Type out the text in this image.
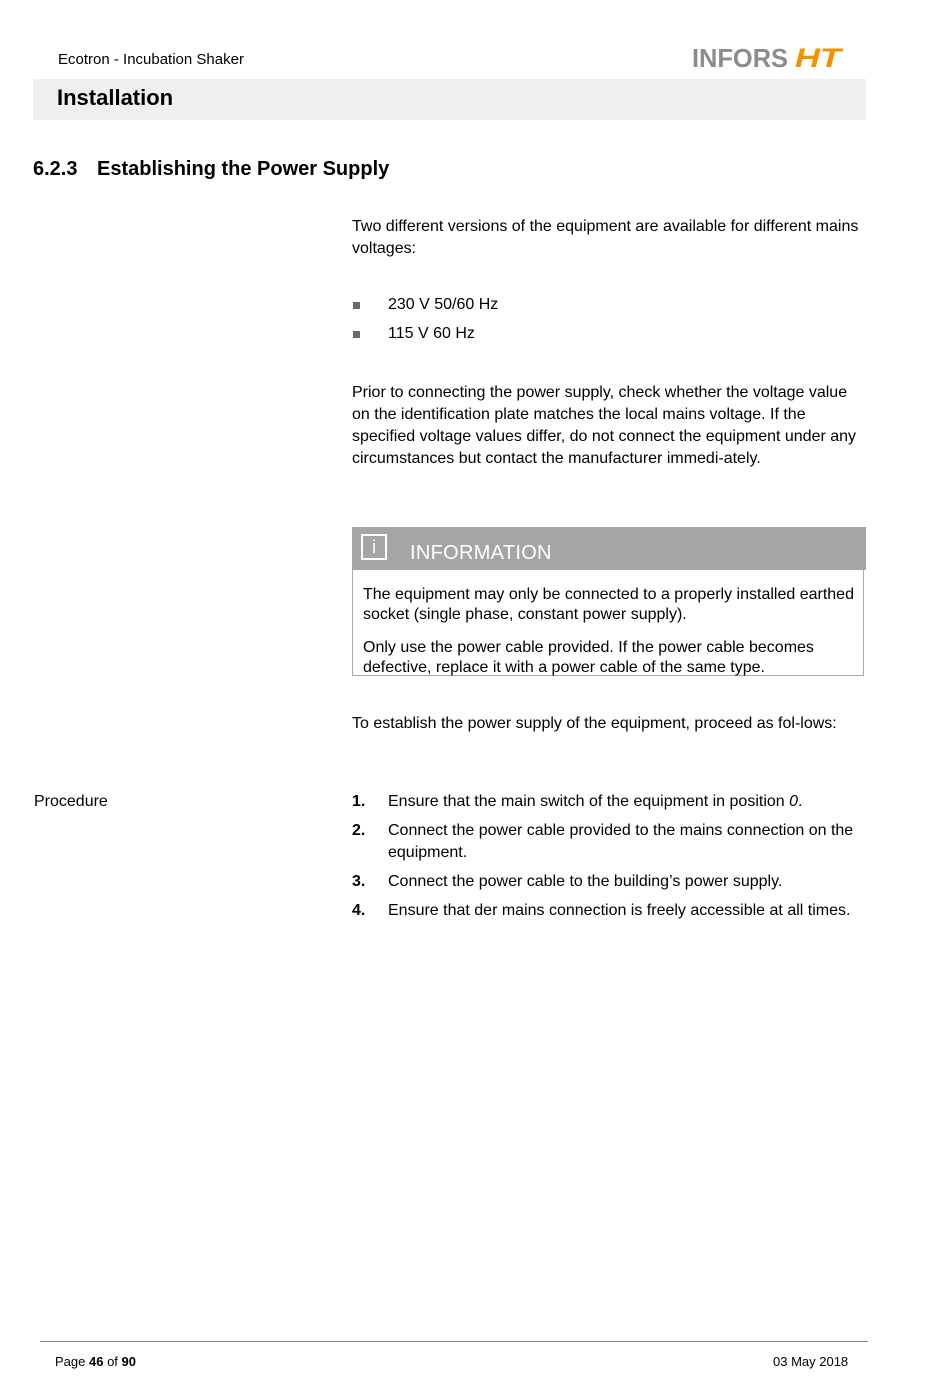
Ecotron - Incubation Shaker	INFORS HT
Installation
6.2.3 Establishing the Power Supply

Two different versions of the equipment are available for different mains voltages:

230 V 50/60 Hz
115 V 60 Hz

Prior to connecting the power supply, check whether the voltage value on the identification plate matches the local mains voltage. If the specified voltage values differ, do not connect the equipment under any circumstances but contact the manufacturer immedi-ately.

i	INFORMATION

The equipment may only be connected to a properly installed earthed socket (single phase, constant power supply).

Only use the power cable provided. If the power cable becomes defective, replace it with a power cable of the same type.

To establish the power supply of the equipment, proceed as fol-lows:

Procedure	1. Ensure that the main switch of the equipment in position 0.
2. Connect the power cable provided to the mains connection on the equipment.
3. Connect the power cable to the building’s power supply.
4. Ensure that der mains connection is freely accessible at all times.
Page 46 of 90	03 May 2018
